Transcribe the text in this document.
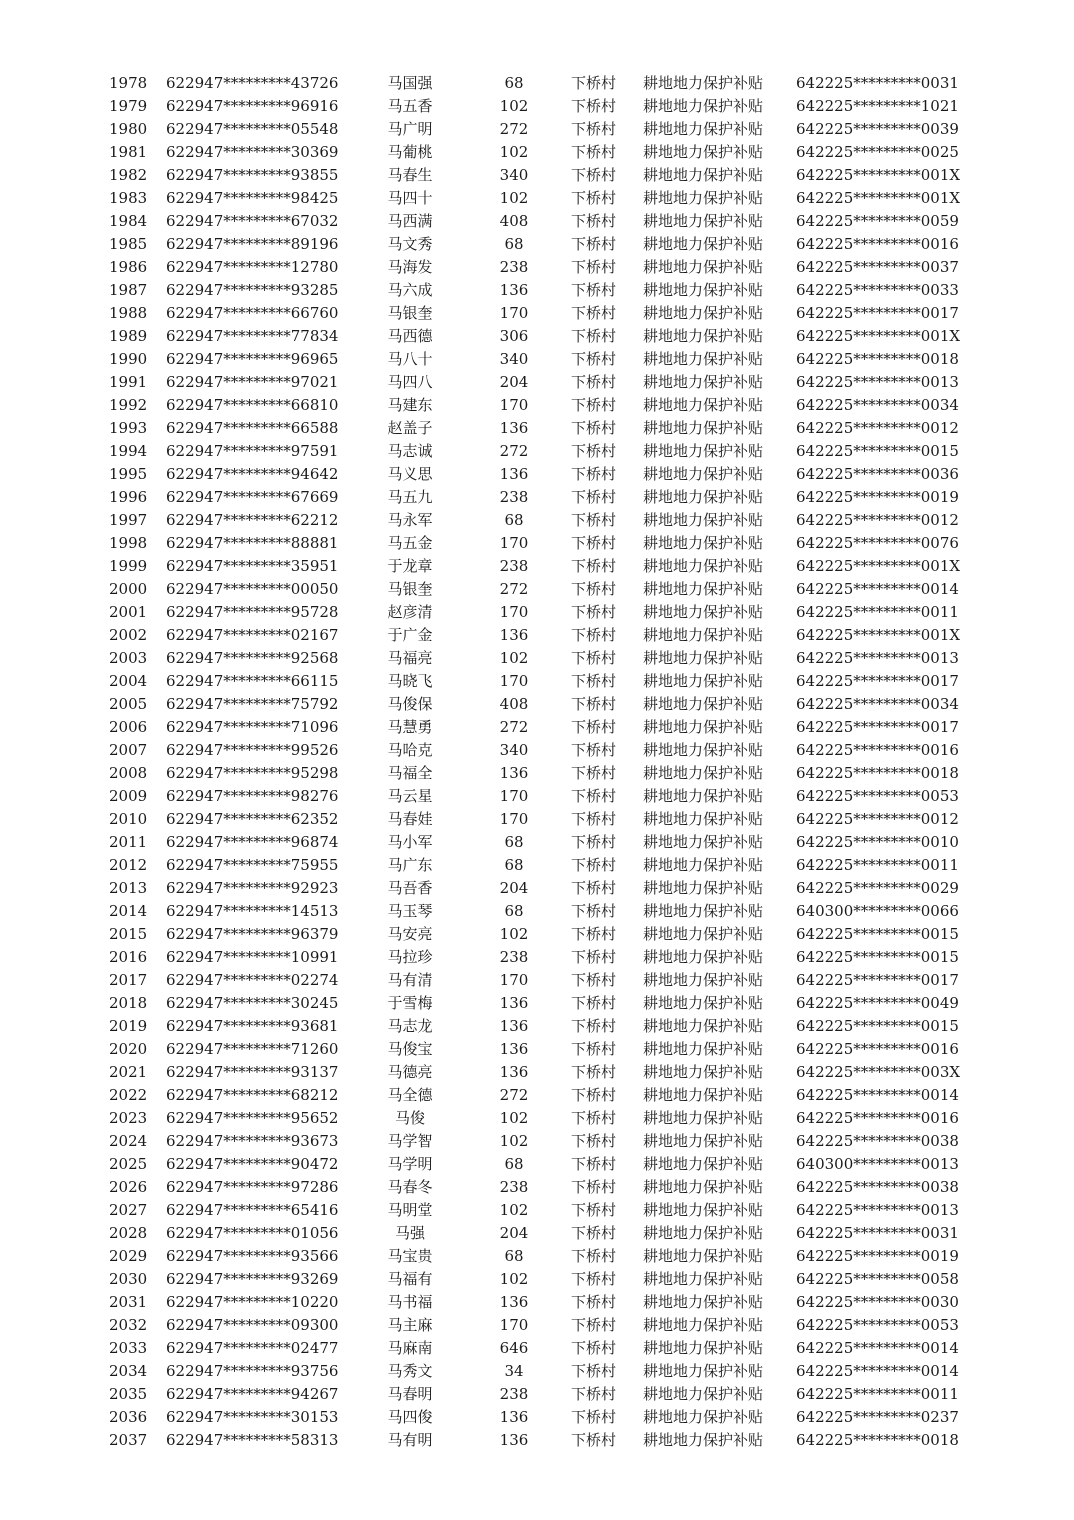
1978 622947*********43726	马国强	68	下桥村 耕地地力保护补贴 642225*********0031
1979 622947*********96916	马五香	102	下桥村 耕地地力保护补贴 642225*********1021
1980 622947*********05548	马广明	272	下桥村 耕地地力保护补贴 642225*********0039
1981 622947*********30369	马葡桃	102	下桥村 耕地地力保护补贴 642225*********0025
1982 622947*********93855	马春生	340	下桥村 耕地地力保护补贴 642225*********001X
1983 622947*********98425	马四十	102	下桥村 耕地地力保护补贴 642225*********001X
1984 622947*********67032	马西满	408	下桥村 耕地地力保护补贴 642225*********0059
1985 622947*********89196	马文秀	68	下桥村 耕地地力保护补贴 642225*********0016
1986 622947*********12780	马海发	238	下桥村 耕地地力保护补贴 642225*********0037
1987 622947*********93285	马六成	136	下桥村 耕地地力保护补贴 642225*********0033
1988 622947*********66760	马银奎	170	下桥村 耕地地力保护补贴 642225*********0017
1989 622947*********77834	马西德	306	下桥村 耕地地力保护补贴 642225*********001X
1990 622947*********96965	马八十	340	下桥村 耕地地力保护补贴 642225*********0018
1991 622947*********97021	马四八	204	下桥村 耕地地力保护补贴 642225*********0013
1992 622947*********66810	马建东	170	下桥村 耕地地力保护补贴 642225*********0034
1993 622947*********66588	赵盖子	136	下桥村 耕地地力保护补贴 642225*********0012
1994 622947*********97591	马志诚	272	下桥村 耕地地力保护补贴 642225*********0015
1995 622947*********94642	马义思	136	下桥村 耕地地力保护补贴 642225*********0036
1996 622947*********67669	马五九	238	下桥村 耕地地力保护补贴 642225*********0019
1997 622947*********62212	马永军	68	下桥村 耕地地力保护补贴 642225*********0012
1998 622947*********88881	马五金	170	下桥村 耕地地力保护补贴 642225*********0076
1999 622947*********35951	于龙章	238	下桥村 耕地地力保护补贴 642225*********001X
2000 622947*********00050	马银奎	272	下桥村 耕地地力保护补贴 642225*********0014
2001 622947*********95728	赵彦清	170	下桥村 耕地地力保护补贴 642225*********0011
2002 622947*********02167	于广金	136	下桥村 耕地地力保护补贴 642225*********001X
2003 622947*********92568	马福亮	102	下桥村 耕地地力保护补贴 642225*********0013
2004 622947*********66115	马晓飞	170	下桥村 耕地地力保护补贴 642225*********0017
2005 622947*********75792	马俊保	408	下桥村 耕地地力保护补贴 642225*********0034
2006 622947*********71096	马慧勇	272	下桥村 耕地地力保护补贴 642225*********0017
2007 622947*********99526	马哈克	340	下桥村 耕地地力保护补贴 642225*********0016
2008 622947*********95298	马福全	136	下桥村 耕地地力保护补贴 642225*********0018
2009 622947*********98276	马云星	170	下桥村 耕地地力保护补贴 642225*********0053
2010 622947*********62352	马春娃	170	下桥村 耕地地力保护补贴 642225*********0012
2011 622947*********96874	马小军	68	下桥村 耕地地力保护补贴 642225*********0010
2012 622947*********75955	马广东	68	下桥村 耕地地力保护补贴 642225*********0011
2013 622947*********92923	马吾香	204	下桥村 耕地地力保护补贴 642225*********0029
2014 622947*********14513	马玉琴	68	下桥村 耕地地力保护补贴 640300*********0066
2015 622947*********96379	马安亮	102	下桥村 耕地地力保护补贴 642225*********0015
2016 622947*********10991	马拉珍	238	下桥村 耕地地力保护补贴 642225*********0015
2017 622947*********02274	马有清	170	下桥村 耕地地力保护补贴 642225*********0017
2018 622947*********30245	于雪梅	136	下桥村 耕地地力保护补贴 642225*********0049
2019 622947*********93681	马志龙	136	下桥村 耕地地力保护补贴 642225*********0015
2020 622947*********71260	马俊宝	136	下桥村 耕地地力保护补贴 642225*********0016
2021 622947*********93137	马德亮	136	下桥村 耕地地力保护补贴 642225*********003X
2022 622947*********68212	马全德	272	下桥村 耕地地力保护补贴 642225*********0014
2023 622947*********95652	马俊	102	下桥村 耕地地力保护补贴 642225*********0016
2024 622947*********93673	马学智	102	下桥村 耕地地力保护补贴 642225*********0038
2025 622947*********90472	马学明	68	下桥村 耕地地力保护补贴 640300*********0013
2026 622947*********97286	马春冬	238	下桥村 耕地地力保护补贴 642225*********0038
2027 622947*********65416	马明堂	102	下桥村 耕地地力保护补贴 642225*********0013
2028 622947*********01056	马强	204	下桥村 耕地地力保护补贴 642225*********0031
2029 622947*********93566	马宝贵	68	下桥村 耕地地力保护补贴 642225*********0019
2030 622947*********93269	马福有	102	下桥村 耕地地力保护补贴 642225*********0058
2031 622947*********10220	马书福	136	下桥村 耕地地力保护补贴 642225*********0030
2032 622947*********09300	马主麻	170	下桥村 耕地地力保护补贴 642225*********0053
2033 622947*********02477	马麻南	646	下桥村 耕地地力保护补贴 642225*********0014
2034 622947*********93756	马秀文	34	下桥村 耕地地力保护补贴 642225*********0014
2035 622947*********94267	马春明	238	下桥村 耕地地力保护补贴 642225*********0011
2036 622947*********30153	马四俊	136	下桥村 耕地地力保护补贴 642225*********0237
2037 622947*********58313	马有明	136	下桥村 耕地地力保护补贴 642225*********0018
